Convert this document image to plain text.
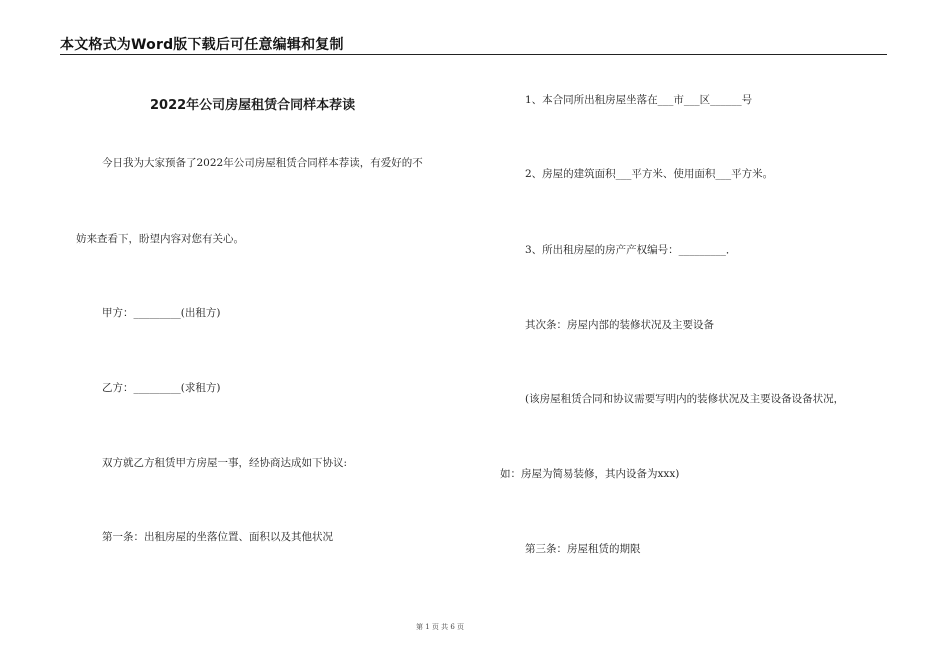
本文格式为Word版下载后可任意编辑和复制
2022年公司房屋租赁合同样本荐读
今日我为大家预备了2022年公司房屋租赁合同样本荐读，有爱好的不
妨来查看下，盼望内容对您有关心。
甲方：_________(出租方)
乙方：_________(求租方)
双方就乙方租赁甲方房屋一事，经协商达成如下协议:
第一条：出租房屋的坐落位置、面积以及其他状况
1、本合同所出租房屋坐落在___市___区______号
2、房屋的建筑面积___平方米、使用面积___平方米。
3、所出租房屋的房产产权编号：_________．
其次条：房屋内部的装修状况及主要设备
(该房屋租赁合同和协议需要写明内的装修状况及主要设备设备状况，
如：房屋为简易装修，其内设备为xxx)
第三条：房屋租赁的期限
第 1 页 共 6 页
